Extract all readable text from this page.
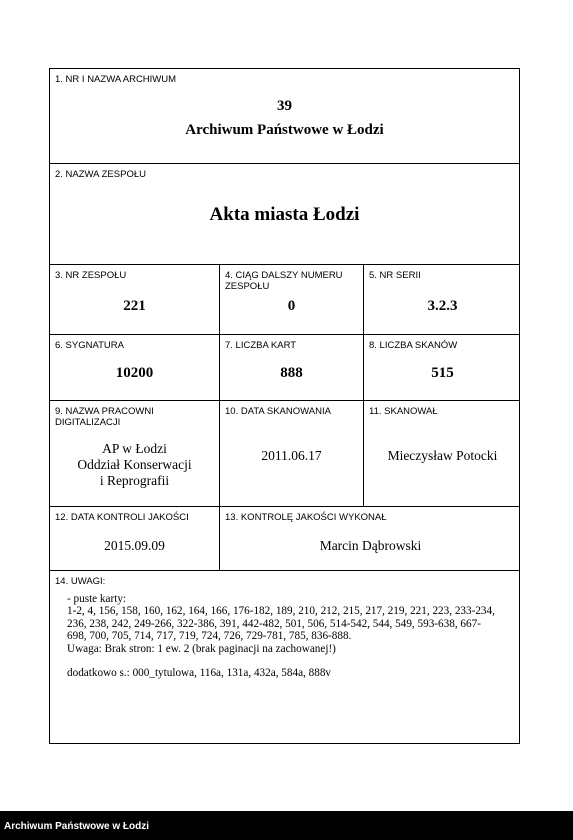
1. NR I NAZWA ARCHIWUM
39
Archiwum Państwowe w Łodzi
2. NAZWA ZESPOŁU
Akta miasta Łodzi
3. NR ZESPOŁU
221
4. CIĄG DALSZY NUMERU ZESPOŁU
0
5. NR SERII
3.2.3
6. SYGNATURA
10200
7. LICZBA KART
888
8. LICZBA SKANÓW
515
9. NAZWA PRACOWNI DIGITALIZACJI
AP w Łodzi
Oddział Konserwacji
i Reprografii
10. DATA SKANOWANIA
2011.06.17
11. SKANOWAŁ
Mieczysław Potocki
12. DATA KONTROLI JAKOŚCI
2015.09.09
13. KONTROLĘ JAKOŚCI WYKONAŁ
Marcin Dąbrowski
14. UWAGI:
- puste karty:
1-2, 4, 156, 158, 160, 162, 164, 166, 176-182, 189, 210, 212, 215, 217, 219, 221, 223, 233-234,
236, 238, 242, 249-266, 322-386, 391, 442-482, 501, 506, 514-542, 544, 549, 593-638, 667-
698, 700, 705, 714, 717, 719, 724, 726, 729-781, 785, 836-888.
Uwaga: Brak stron: 1 ew. 2 (brak paginacji na zachowanej!)
dodatkowo s.: 000_tytulowa, 116a, 131a, 432a, 584a, 888v
Archiwum Państwowe w Łodzi
